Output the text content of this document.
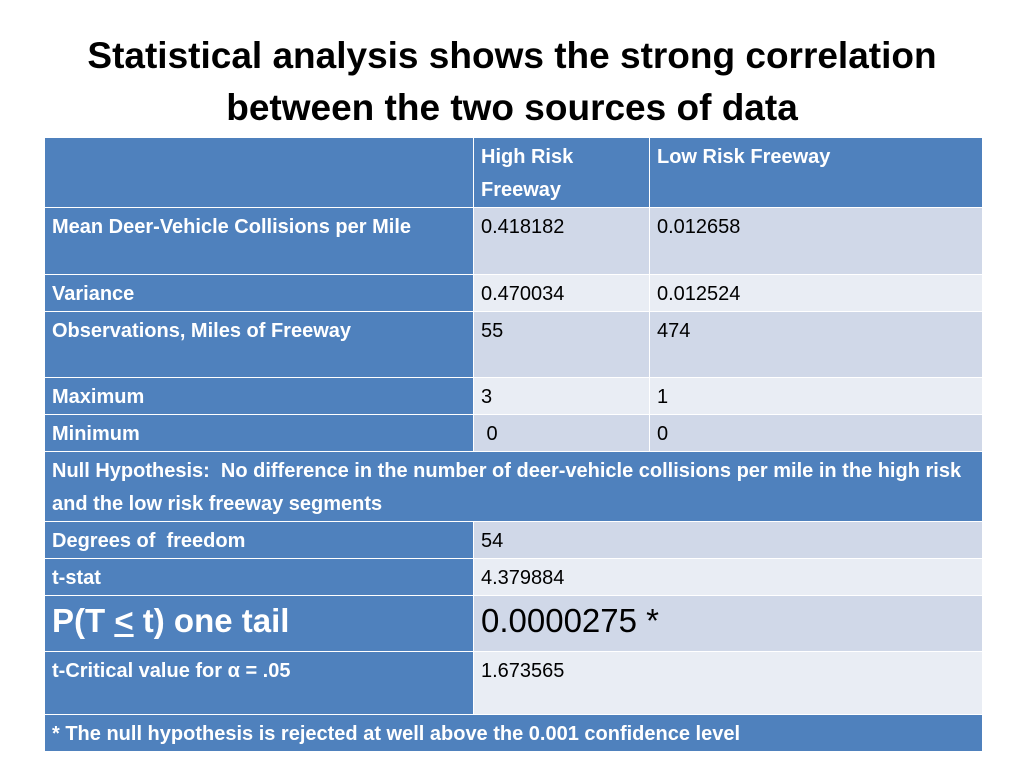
Statistical analysis shows the strong correlation
between the two sources of data
	High Risk Freeway	Low Risk Freeway
Mean Deer-Vehicle Collisions per Mile	0.418182	0.012658
Variance	0.470034	0.012524
Observations, Miles of Freeway	55	474
Maximum	3	1
Minimum	0	0
Null Hypothesis:  No difference in the number of deer-vehicle collisions per mile in the high risk and the low risk freeway segments		
Degrees of  freedom	54	
t-stat	4.379884	
P(T ≤ t) one tail	0.0000275 *	
t-Critical value for α = .05	1.673565	
* The null hypothesis is rejected at well above the 0.001 confidence level		
